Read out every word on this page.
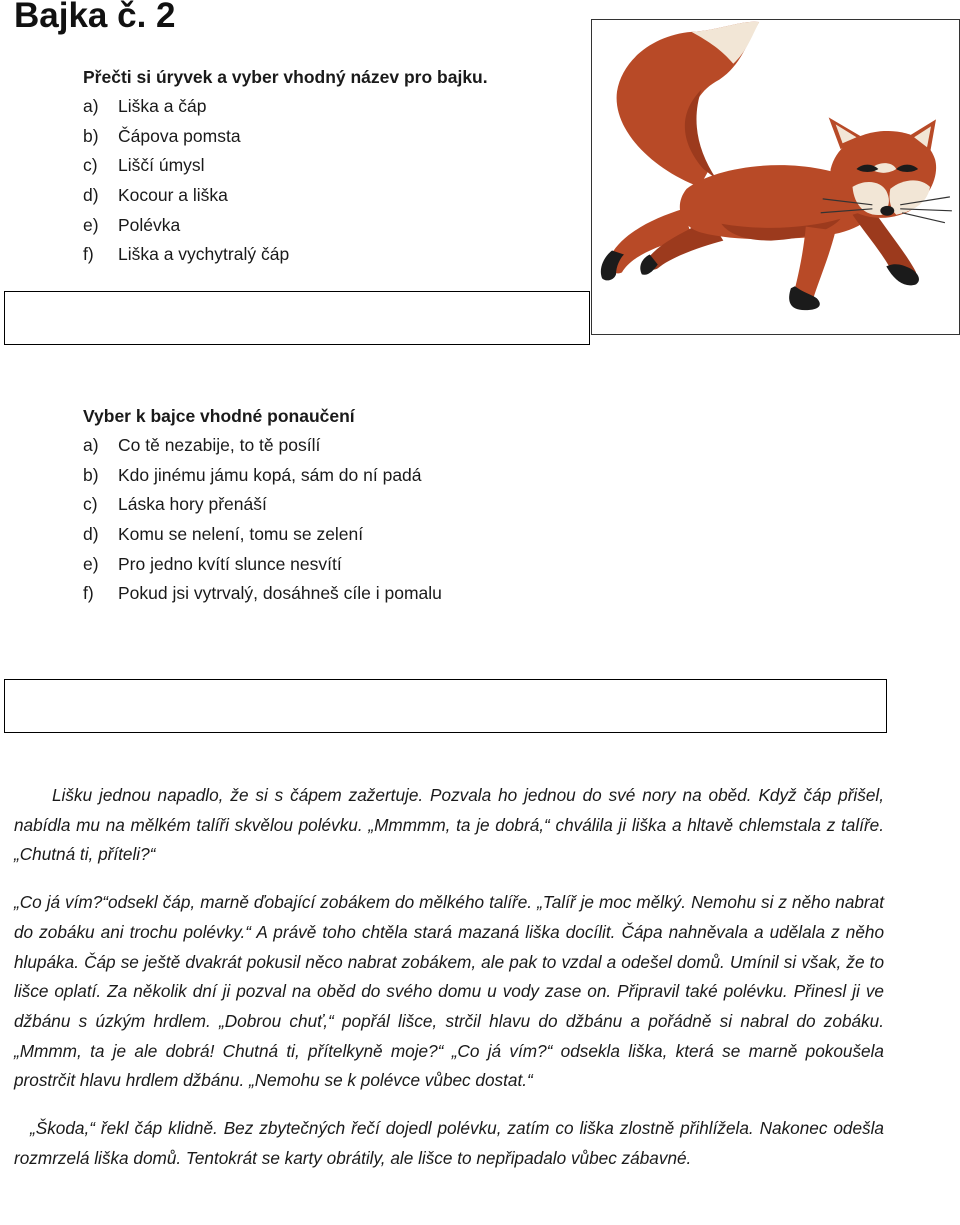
Bajka č. 2
Přečti si úryvek a vyber vhodný název pro bajku.
a)	Liška a čáp
b)	Čápova pomsta
c)	Liščí úmysl
d)	Kocour a liška
e)	Polévka
f)	Liška a vychytralý čáp
Vyber k bajce vhodné ponaučení
a)	Co tě nezabije, to tě posílí
b)	Kdo jinému jámu kopá, sám do ní padá
c)	Láska hory přenáší
d)	Komu se nelení, tomu se zelení
e)	Pro jedno kvítí slunce nesvítí
f)	Pokud jsi vytrvalý, dosáhneš cíle i pomalu

Lišku jednou napadlo, že si s čápem zažertuje. Pozvala ho jednou do své nory na oběd. Když čáp přišel, nabídla mu na mělkém talíři skvělou polévku. „Mmmmm, ta je dobrá,“ chválila ji liška a hltavě chlemstala z talíře. „Chutná ti, příteli?“

„Co já vím?“odsekl čáp, marně ďobající zobákem do mělkého talíře. „Talíř je moc mělký. Nemohu si z něho nabrat do zobáku ani trochu polévky.“ A právě toho chtěla stará mazaná liška docílit. Čápa nahněvala a udělala z něho hlupáka. Čáp se ještě dvakrát pokusil něco nabrat zobákem, ale pak to vzdal a odešel domů. Umínil si však, že to lišce oplatí. Za několik dní ji pozval na oběd do svého domu u vody zase on. Připravil také polévku. Přinesl ji ve džbánu s úzkým hrdlem. „Dobrou chuť,“ popřál lišce, strčil hlavu do džbánu a pořádně si nabral do zobáku. „Mmmm, ta je ale dobrá! Chutná ti, přítelkyně moje?“ „Co já vím?“ odsekla liška, která se marně pokoušela prostrčit hlavu hrdlem džbánu. „Nemohu se k polévce vůbec dostat.“

„Škoda,“ řekl čáp klidně. Bez zbytečných řečí dojedl polévku, zatím co liška zlostně přihlížela. Nakonec odešla rozmrzelá liška domů. Tentokrát se karty obrátily, ale lišce to nepřipadalo vůbec zábavné.
